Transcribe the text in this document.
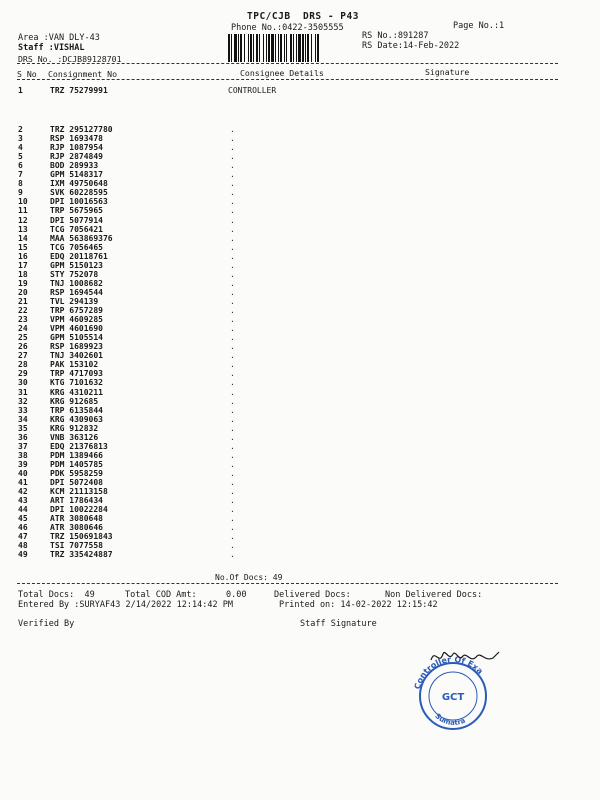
TPC/CJB  DRS - P43
Phone No.:0422-3505555	Page No.:1
Area :VAN DLY-43
Staff :VISHAL
DRS No. :DCJB89128701
RS No.:891287
RS Date:14-Feb-2022
S No Consignment No	Consignee Details	Signature
1	TRZ 75279991	CONTROLLER
2	TRZ 295127780	.
3	RSP 1693478	.
4	RJP 1087954	.
5	RJP 2874849	.
6	BOD 289933	.
7	GPM 5148317	.
8	IXM 49750648	.
9	SVK 60228595	.
10	DPI 10016563	.
11	TRP 5675965	.
12	DPI 5077914	.
13	TCG 7056421	.
14	MAA 563869376	.
15	TCG 7056465	.
16	EDQ 20118761	.
17	GPM 5150123	.
18	STY 752078	.
19	TNJ 1008682	.
20	RSP 1694544	.
21	TVL 294139	.
22	TRP 6757289	.
23	VPM 4609285	.
24	VPM 4601690	.
25	GPM 5105514	.
26	RSP 1689923	.
27	TNJ 3402601	.
28	PAK 153102	.
29	TRP 4717093	.
30	KTG 7101632	.
31	KRG 4310211	.
32	KRG 912685	.
33	TRP 6135844	.
34	KRG 4309063	.
35	KRG 912832	.
36	VNB 363126	.
37	EDQ 21376813	.
38	PDM 1389466	.
39	PDM 1405785	.
40	PDK 5958259	.
41	DPI 5072408	.
42	KCM 21113158	.
43	ART 1786434	.
44	DPI 10022284	.
45	ATR 3080648	.
46	ATR 3080646	.
47	TRZ 150691843	.
48	TSI 7077558	.
49	TRZ 335424887	.
No.Of Docs: 49
Total Docs:  49	Total COD Amt:	0.00	Delivered Docs:	Non Delivered Docs:
Entered By :SURYAF43 2/14/2022 12:14:42 PM	Printed on: 14-02-2022 12:15:42
Verified By	Staff Signature
Controller Of Exa
Sumatra
GCT
